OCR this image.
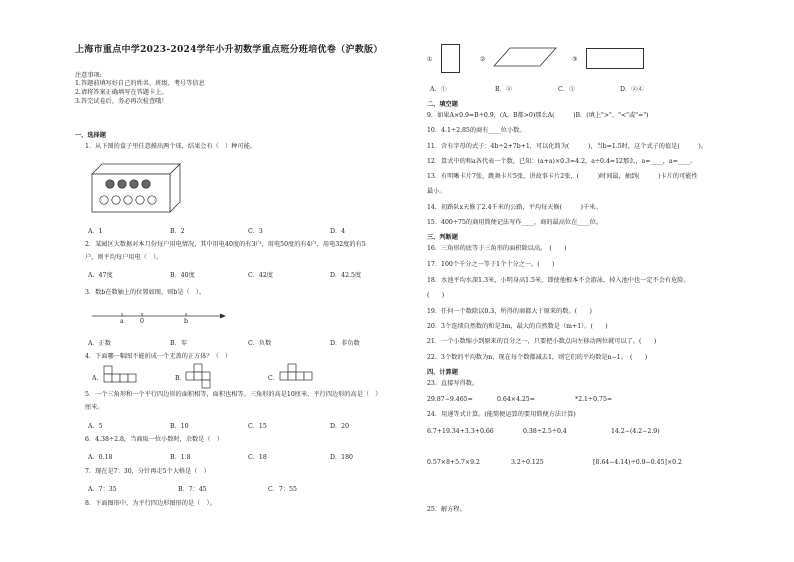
上海市重点中学2023-2024学年小升初数学重点班分班培优卷（沪教版）
注意事项:
1.答题前填写好自己的姓名、班级、考号等信息
2.请将答案正确填写在答题卡上。
3.答完试卷后，务必再次检查哦！
一、选择题
1．从下图的盒子里任意摸出两个球，结果会有（　）种可能。
A．1	B．2	C．3	D．4
2．某园区大数据对本月份每户用电情况，其中用电40度的有3户，用电50度的有4户，用电32度的有5
户，则平均每户用电（　）。
A．47度	B．40度	C．42度	D．42.5度
3．数b在数轴上的位置如图，则b是（　）。
a	0	b
A．正数	B．零	C．负数	D．非负数
4．下面哪一幅图不能折成一个无盖的正方体？（　）
A．	B．	C．
5．一个三角形和一个平行四边形的面积相等，面积也相等。三角形的高是10厘米，平行四边形的高是（　）
厘米。
A．5	B．10	C．15	D．20
6．4.38÷2.8，当商取一位小数时，余数是（　）
A．0.18	B．1.8	C．18	D．180
7．现在是7：30，分针再走5个大格是（　）
A．7：35	B．7：45	C．7：55
8．下面图形中，为平行四边形图形的是（　）。
①	②	③
A．①	B．②	C．③	D．②④
二、填空题
9．如果A×0.9=B÷0.9，(A，B都>0)那么A(　　　)B．(填上">"、"<"或"=")
10．4.1÷2.85的商有____位小数。
11．含有字母的式子：4b÷2+7b+1，可以化简为(　　　)，当b=1.5时，这个式子的值是(　　　)。
12．算式中的和a各代表一个数，已知：(a+a)×0.3=4.2，a÷0.4=12那么，a=____，a=____。
13．有明晰卡片7张，跳舞卡片5张，讲故事卡片2张，(　　　)时间最，抽到(　　　)卡片的可能性
最小。
14．初路队x天修了2.4千米的公路，平均每天修(　　　)千米。
15．400÷75的商用简便记法写作____，商的最高位在____位。
三、判断题
16．三角形的底等于三角形的面积除以高。　(　　)
17．100个千分之一等于1个十分之一。(　　)
18．水池平均水深1.3米，小明身高1.5米，即使他根本不会游泳，掉入池中也一定不会有危险。
(　　)
19．任何一个数除以0.3，所得的商都大于原来的数。(　　)
20．3个连续自然数的和是3m，最大的自然数是（m+1）。(　　)
21．一个小数缩小到原来的百分之一，只要把小数点向左移动两位就可以了。(　　)
22．3个数的平均数为n，现在每个数都减去1，则它们的平均数是n−1。　(　　)
四、计算题
23．直接写得数。
29.87−9.465=	0.64×4.25=	*2.1÷0.75=
24．用递等式计算。(能简便运算的要用简便方法计算)
6.7+19.34+3.3+0.66	0.38÷2.5÷0.4	14.2−(4.2−2.9)
0.57×8+5.7×9.2	3.2÷0.125	[8.64−4.14)÷0.9−0.45]×0.2
25．解方程。
